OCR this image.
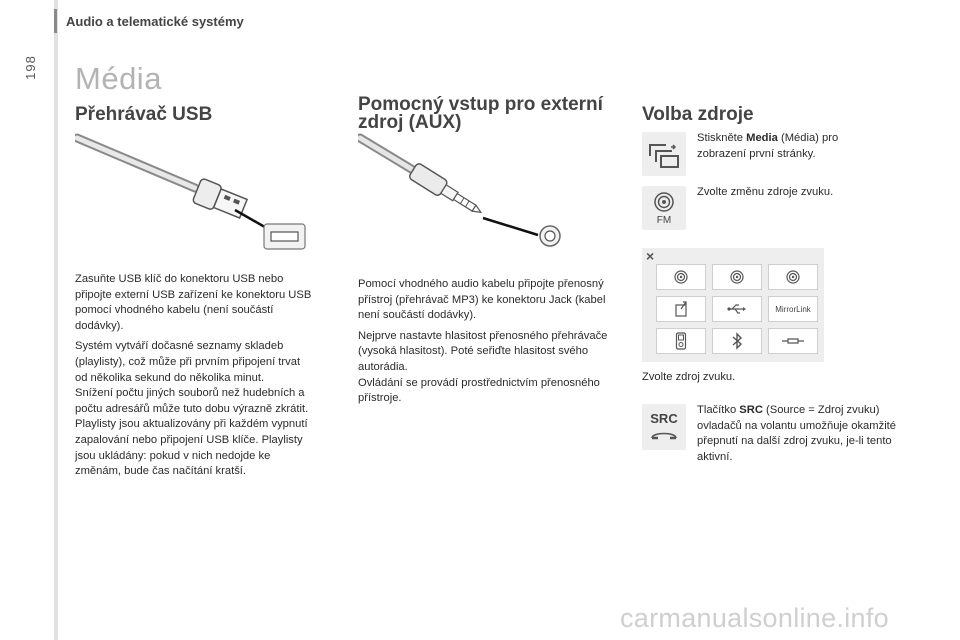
Audio a telematické systémy
198 Média
Přehrávač USB

Zasuňte USB klíč do konektoru USB nebo připojte externí USB zařízení ke konektoru USB pomocí vhodného kabelu (není součástí dodávky).

Systém vytváří dočasné seznamy skladeb (playlisty), což může při prvním připojení trvat od několika sekund do několika minut.

Snížení počtu jiných souborů než hudebních a počtu adresářů může tuto dobu výrazně zkrátit.

Playlisty jsou aktualizovány při každém vypnutí zapalování nebo připojení USB klíče. Playlisty jsou ukládány: pokud v nich nedojde ke změnám, bude čas načítání kratší.

Pomocný vstup pro externí
zdroj (AUX)

Pomocí vhodného audio kabelu připojte přenosný přístroj (přehrávač MP3) ke konektoru Jack (kabel není součástí dodávky).

Nejprve nastavte hlasitost přenosného přehrávače (vysoká hlasitost). Poté seřiďte hlasitost svého autorádia.

Ovládání se provádí prostřednictvím přenosného přístroje.

Volba zdroje
Stiskněte Media (Média) pro zobrazení první stránky.
FM
Zvolte změnu zdroje zvuku.
×
MirrorLink
Zvolte zdroj zvuku.
SRC
Tlačítko SRC (Source = Zdroj zvuku) ovladačů na volantu umožňuje okamžité přepnutí na další zdroj zvuku, je-li tento aktivní.
carmanualsonline.info
